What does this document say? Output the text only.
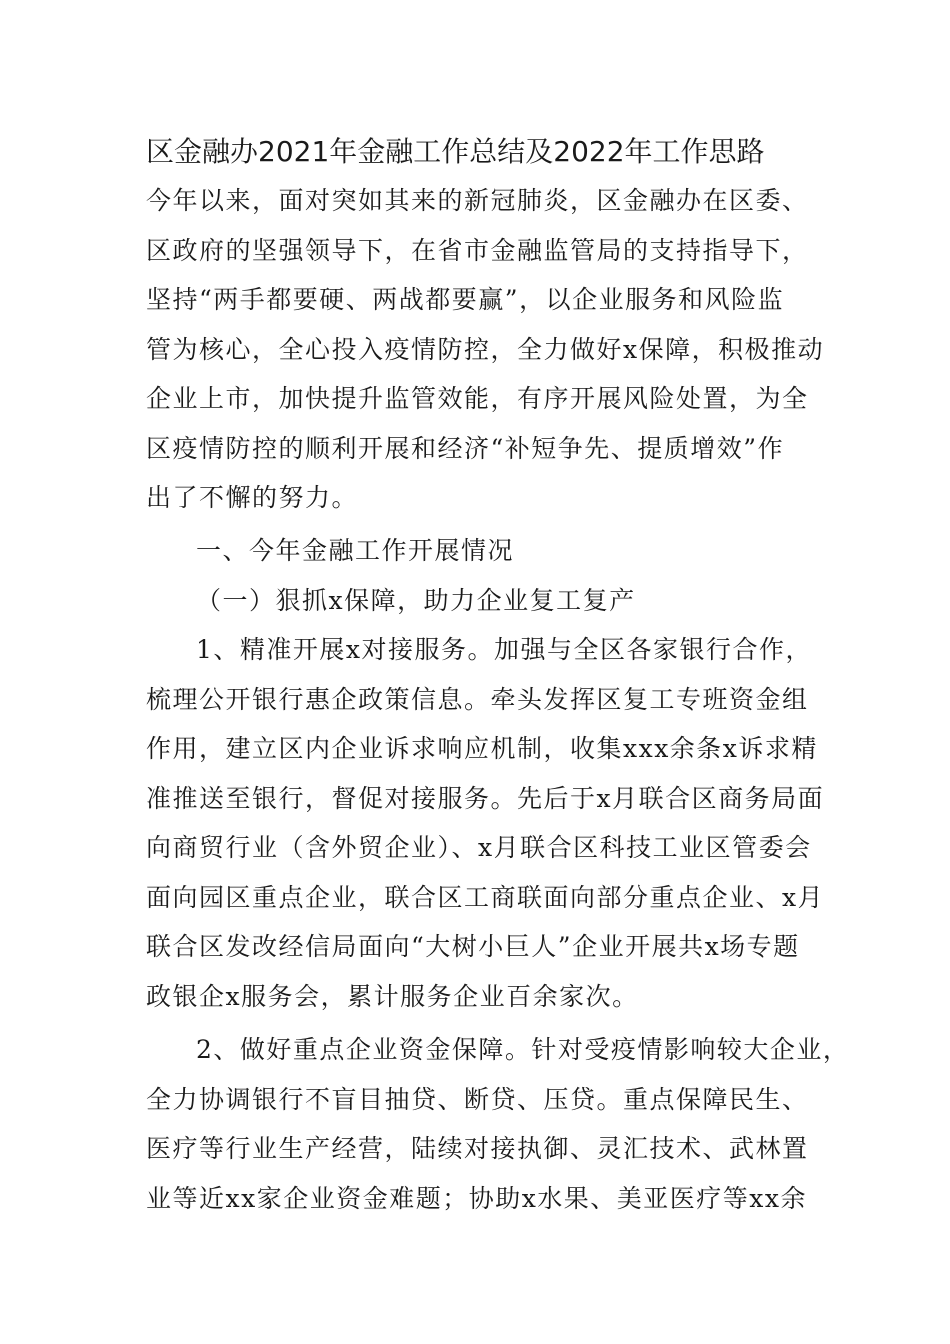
区金融办2021年金融工作总结及2022年工作思路
今年以来，面对突如其来的新冠肺炎，区金融办在区委、
区政府的坚强领导下，在省市金融监管局的支持指导下，
坚持“两手都要硬、两战都要赢”，以企业服务和风险监
管为核心，全心投入疫情防控，全力做好x保障，积极推动
企业上市，加快提升监管效能，有序开展风险处置，为全
区疫情防控的顺利开展和经济“补短争先、提质增效”作
出了不懈的努力。
一、今年金融工作开展情况
（一）狠抓x保障，助力企业复工复产
1、精准开展x对接服务。加强与全区各家银行合作，
梳理公开银行惠企政策信息。牵头发挥区复工专班资金组
作用，建立区内企业诉求响应机制，收集xxx余条x诉求精
准推送至银行，督促对接服务。先后于x月联合区商务局面
向商贸行业（含外贸企业）、x月联合区科技工业区管委会
面向园区重点企业，联合区工商联面向部分重点企业、x月
联合区发改经信局面向“大树小巨人”企业开展共x场专题
政银企x服务会，累计服务企业百余家次。
2、做好重点企业资金保障。针对受疫情影响较大企业，
全力协调银行不盲目抽贷、断贷、压贷。重点保障民生、
医疗等行业生产经营，陆续对接执御、灵汇技术、武林置
业等近xx家企业资金难题；协助x水果、美亚医疗等xx余
